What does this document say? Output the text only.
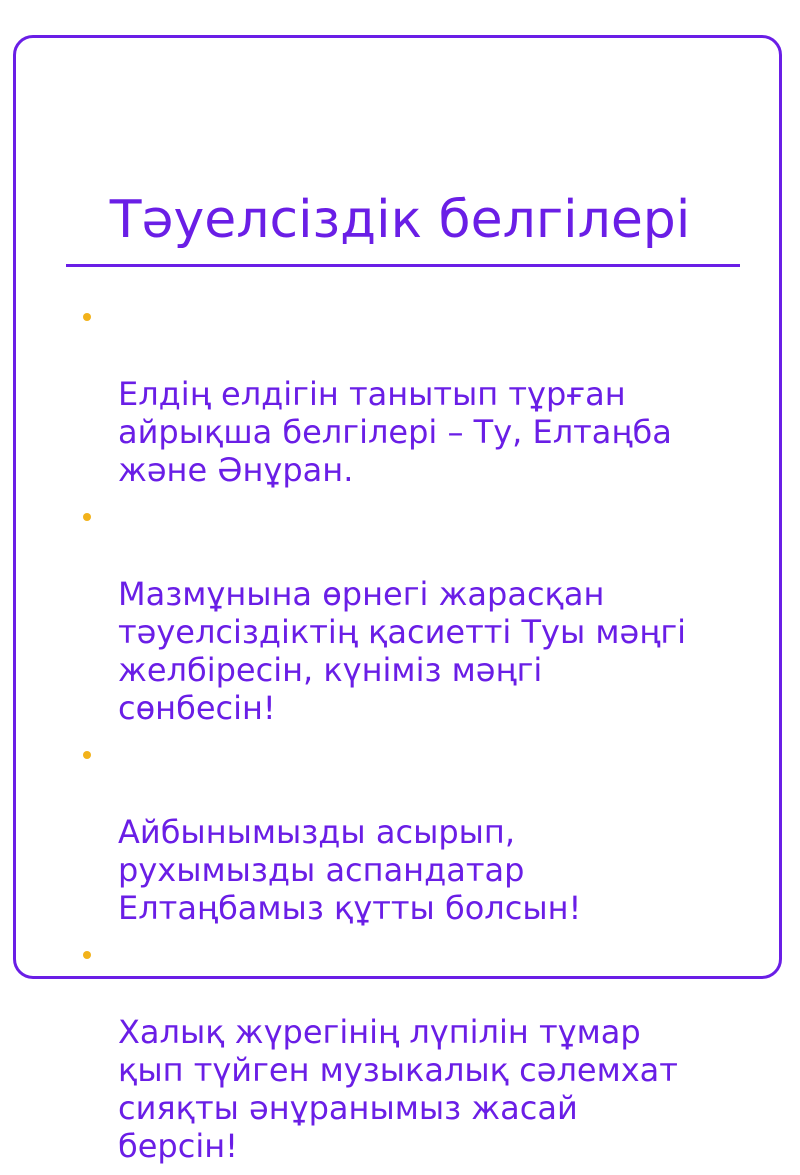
Тәуелсіздік белгілері

Елдің елдігін танытып тұрған
айрықша белгілері – Ту, Елтаңба
және Әнұран.

Мазмұнына өрнегі жарасқан
тәуелсіздіктің қасиетті Туы мәңгі
желбіресін, күніміз мәңгі
сөнбесін!

Айбынымызды асырып,
рухымызды аспандатар
Елтаңбамыз құтты болсын!

Халық жүрегінің лүпілін тұмар
қып түйген музыкалық сәлемхат
сияқты әнұранымыз жасай
берсін!
